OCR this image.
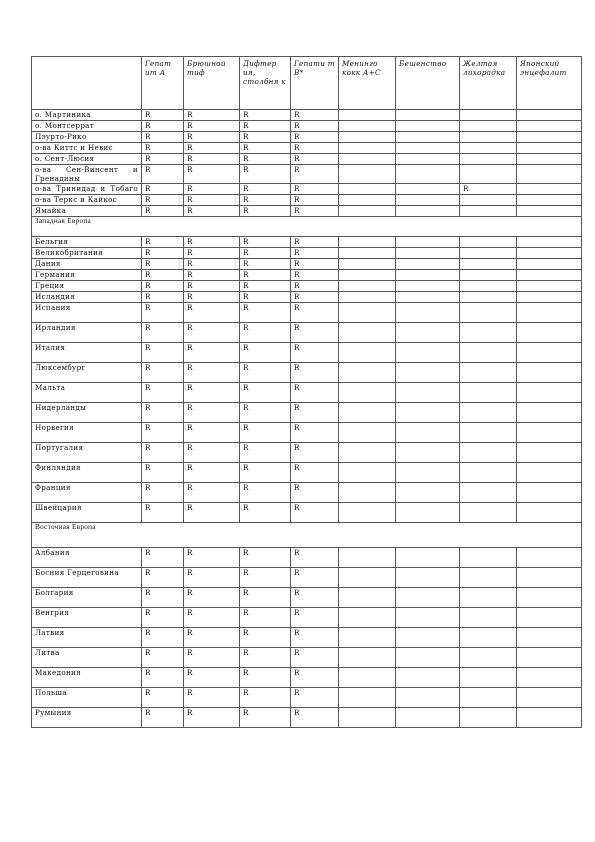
	Гепат ит А	Брюшной тиф	Дифтер ия, столбня к	Гепати т В*	Менинго кокк А+С	Бешенство	Желтая лихорадка	Японский энцефалит
о. Мартиника	R	R	R	R				
о. Монтсеррат	R	R	R	R				
Пэурто-Рико	R	R	R	R				
о-ва Киттс и Невис	R	R	R	R				
о. Сент-Люсия	R	R	R	R				
о-ва Сен-Винсент и Гренадины	R	R	R	R				
о-ва Тринидад и Тобаго	R	R	R	R			R	
о-ва Теркс и Кайкос	R	R	R	R				
Ямайка	R	R	R	R				
Западная Европа								
Бельгия	R	R	R	R				
Великобритания	R	R	R	R				
Дания	R	R	R	R				
Германия	R	R	R	R				
Греция	R	R	R	R				
Исландия	R	R	R	R				
Испания	R	R	R	R				
Ирландия	R	R	R	R				
Италия	R	R	R	R				
Люксембург	R	R	R	R				
Мальта	R	R	R	R				
Нидерланды	R	R	R	R				
Норвегия	R	R	R	R				
Португалия	R	R	R	R				
Финляндия	R	R	R	R				
Франция	R	R	R	R				
Швейцария	R	R	R	R				
Восточная Европа								
Албания	R	R	R	R				
Босния Герцеговина	R	R	R	R				
Болгария	R	R	R	R				
Венгрия	R	R	R	R				
Латвия	R	R	R	R				
Литва	R	R	R	R				
Македония	R	R	R	R				
Польша	R	R	R	R				
Румыния	R	R	R	R				
